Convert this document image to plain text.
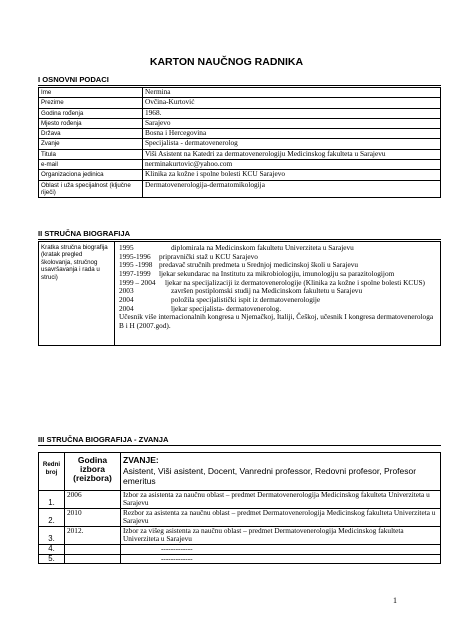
KARTON NAUČNOG RADNIKA
I OSNOVNI PODACI
Ime	Nermina
Prezime	Ovčina-Kurtović
Godina rođenja	1968.
Mjesto rođenja	Sarajevo
Država	Bosna i Hercegovina
Zvanje	Specijalista - dermatovenerolog
Titula	Viši Asistent na Katedri za dermatovenerologiju Medicinskog fakulteta u Sarajevu
e-mail	nerminakurtovic@yahoo.com
Organizaciona jedinica	Klinika za kožne i spolne bolesti KCU Sarajevo
Oblast i uža specijalnost (ključne riječi)	Dermatovenerologija-dermatomikologija
II STRUČNA BIOGRAFIJA
Kratka stručna biografija (kratak pregled školovanja, stručnog usavršavanja i rada u struci)	
1995	diplomirala na Medicinskom fakultetu Univerziteta u Sarajevu
1995-1996	pripravnički staž u KCU Sarajevo
1995 -1998 predavač stručnih predmeta u Srednjoj medicinskoj školi u Sarajevu
1997-1999	ljekar sekundarac na Institutu za mikrobiologiju, imunologiju sa parazitologijom
1999 – 2004	ljekar na specijalizaciji iz dermatovenerologije (Klinika za kožne i spolne bolesti KCUS)
2003	završen postiplomski studij na Medicinskom fakultetu u Sarajevu
2004	položila specijalistički ispit iz dermatovenerologije
2004	ljekar specijalista- dermatovenerolog.
Učesnik više internacionalnih kongresa u Njemačkoj, Italiji, Češkoj, učesnik I kongresa dermatovenerologa B i H (2007.god).
III STRUČNA BIOGRAFIJA - ZVANJA
Redni broj	Godina izbora (reizbora)	ZVANJE:
Asistent, Viši asistent, Docent, Vanredni professor, Redovni profesor, Profesor emeritus
1.	2006	Izbor za asistenta za naučnu oblast – predmet Dermatovenerologija Medicinskog fakulteta Univerziteta u Sarajevu
2.	2010	Rezbor za asistenta za naučnu oblast – predmet Dermatovenerologija Medicinskog fakulteta Univerziteta u Sarajevu
3.	2012.	Izbor za višeg asistenta za naučnu oblast – predmet Dermatovenerologija Medicinskog fakulteta Univerziteta u Sarajevu
4.		-------------
5.		-------------
1
